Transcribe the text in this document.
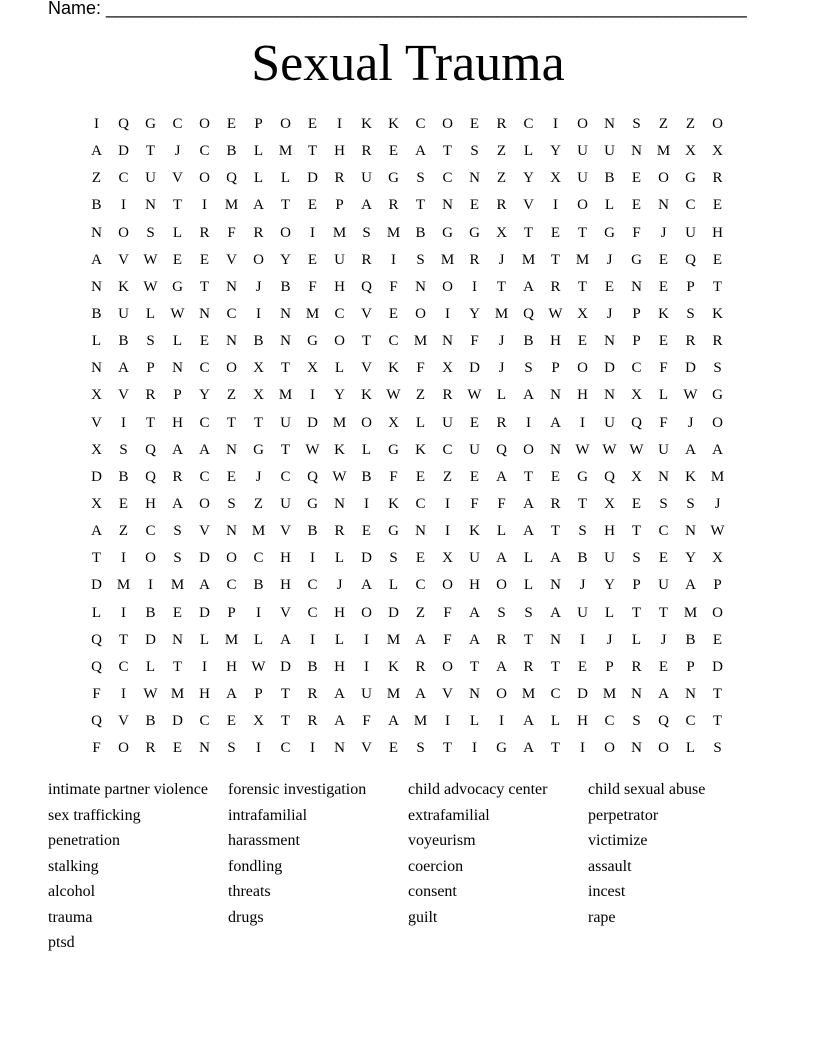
Name: ________________________________________________________________
Sexual Trauma
I	Q	G	C	O	E	P	O	E	I	K	K	C	O	E	R	C	I	O	N	S	Z	Z	O
A	D	T	J	C	B	L	M	T	H	R	E	A	T	S	Z	L	Y	U	U	N M X	X
Z	C	U	V	O	Q	L	L	D	R	U	G	S	C	N	Z	Y	X	U	B	E	O	G	R
B	I	N	T	I	M A	T	E	P	A	R	T	N	E	R	V	I	O	L	E	N	C	E
N	O	S	L	R	F	R	O	I	M	S	M	B	G	G	X	T	E	T	G	F	J	U	H
A	V W	E	E	V	O	Y	E	U	R	I	S	M	R	J	M	T	M	J	G	E	Q	E
N	K W G	T	N	J	B	F	H	Q	F	N	O	I	T	A	R	T	E	N	E	P	T
B	U	L	W N	C	I	N M	C	V	E	O	I	Y M Q W X	J	P	K	S	K
L	B	S	L	E	N	B	N	G	O	T	C	M N	F	J	B	H	E	N	P	E	R	R
N	A	P	N	C	O	X	T	X	L	V	K	F	X	D	J	S	P	O	D	C	F	D	S
X	V	R	P	Y	Z	X M	I	Y	K W	Z	R W	L	A	N	H	N	X	L	W G
V	I	T	H	C	T	T	U	D M O	X	L	U	E	R	I	A	I	U	Q	F	J	O
X	S	Q	A	A	N	G	T	W K	L	G	K	C	U	Q	O	N W W W U	A	A
D	B	Q	R	C	E	J	C	Q W B	F	E	Z	E	A	T	E	G	Q	X	N	K M
X	E	H	A	O	S	Z	U	G	N	I	K	C	I	F	F	A	R	T	X	E	S	S	J
A	Z	C	S	V	N M V	B	R	E	G	N	I	K	L	A	T	S	H	T	C	N W
T	I	O	S	D	O	C	H	I	L	D	S	E	X	U	A	L	A	B	U	S	E	Y	X
D M	I	M A	C	B	H	C	J	A	L	C	O	H	O	L	N	J	Y	P	U	A	P
L	I	B	E	D	P	I	V	C	H	O	D	Z	F	A	S	S	A	U	L	T	T	M O
Q	T	D	N	L	M	L	A	I	L	I	M A	F	A	R	T	N	I	J	L	J	B	E
Q	C	L	T	I	H W D	B	H	I	K	R	O	T	A	R	T	E	P	R	E	P	D
F	I	W M H	A	P	T	R	A	U M A	V	N	O M	C	D M N	A	N	T
Q	V	B	D	C	E	X	T	R	A	F	A M	I	L	I	A	L	H	C	S	Q	C	T
F	O	R	E	N	S	I	C	I	N	V	E	S	T	I	G	A	T	I	O	N	O	L	S
intimate partner violence	forensic investigation	child advocacy center	child sexual abuse
sex trafficking	intrafamilial	extrafamilial	perpetrator
penetration	harassment	voyeurism	victimize
stalking	fondling	coercion	assault
alcohol	threats	consent	incest
trauma	drugs	guilt	rape
ptsd
